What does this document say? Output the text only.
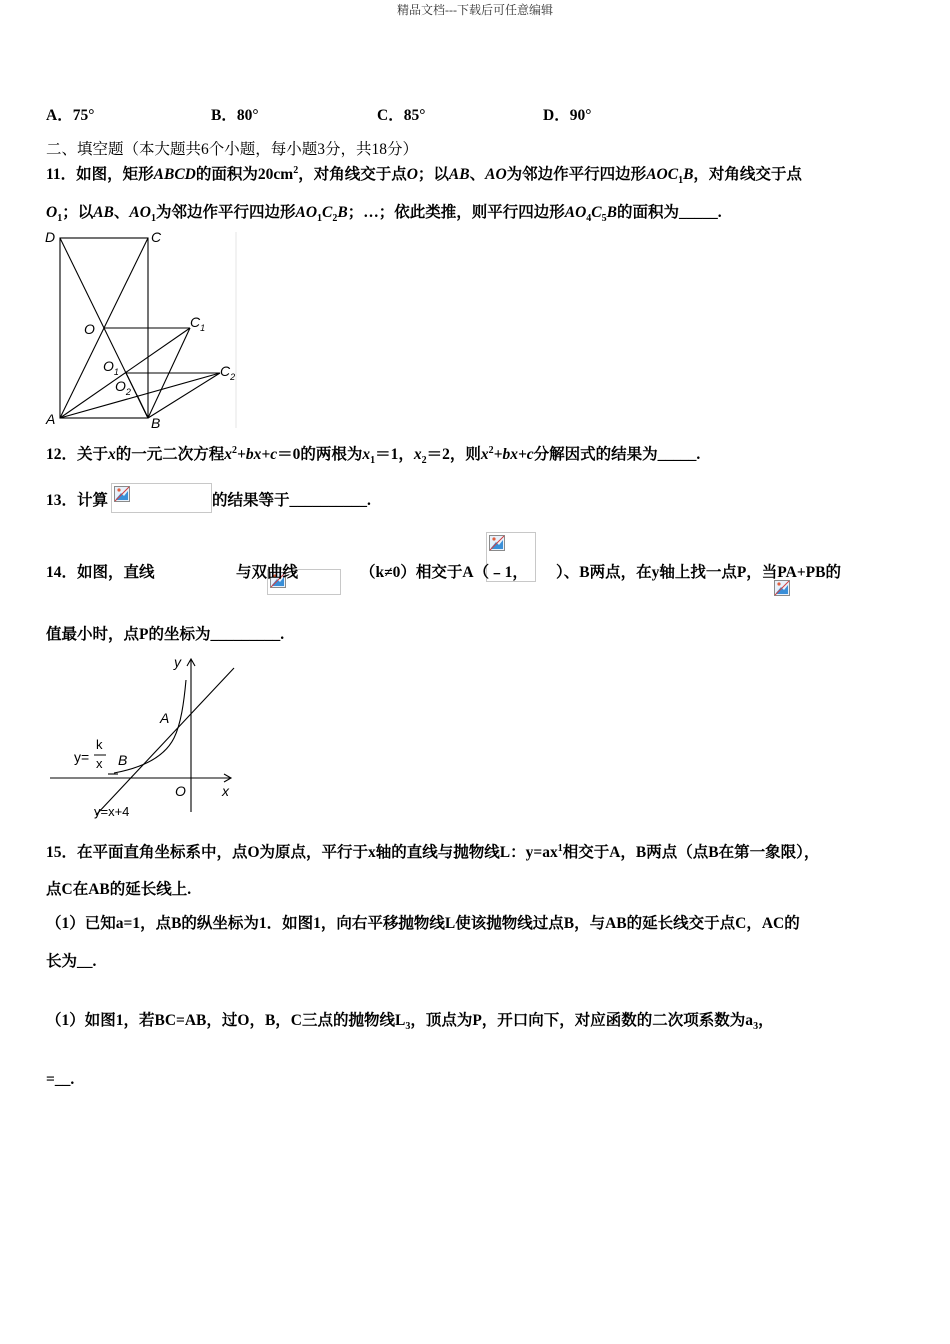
精品文档---下载后可任意编辑
A．75°	B．80°	C．85°	D．90°
二、填空题（本大题共6个小题，每小题3分，共18分）
11．如图，矩形ABCD的面积为$20cm^2$，对角线交于点O；以AB、AO为邻边作平行四边形$AOC_1B$，对角线交于点
$O_1$；以AB、$AO_1$为邻边作平行四边形$AO_1C_2B$；…；依此类推，则平行四边形$AO_4C_5B$的面积为_____.
D	C
O	$C_1$
$O_1$
$O_2$
$C_2$
A	B
12．关于x的一元二次方程$x^2+bx+c=0$的两根为$x_1=1$，$x_2=2$，则$x^2+bx+c$分解因式的结果为_____.
13．计算
	的结果等于__________.
14．如图，直线
	与双曲线
	（k≠0）相交于A（﹣1，
）、B两点，在y轴上找一点P，当PA+PB的
值最小时，点P的坐标为_________.
y
A
B
O	x
y=
k
x
y=x+4
15．在平面直角坐标系中，点O为原点，平行于x轴的直线与抛物线L：$y=ax^1$相交于A，B两点（点B在第一象限），
点C在AB的延长线上.
（1）已知a=1，点B的纵坐标为1．如图1，向右平移抛物线L使该抛物线过点B，与AB的延长线交于点C，AC的
长为__.
（1）如图1，若BC=AB，过O，B，C三点的抛物线$L_3$，顶点为P，开口向下，对应函数的二次项系数为$a_3$，
=__.
